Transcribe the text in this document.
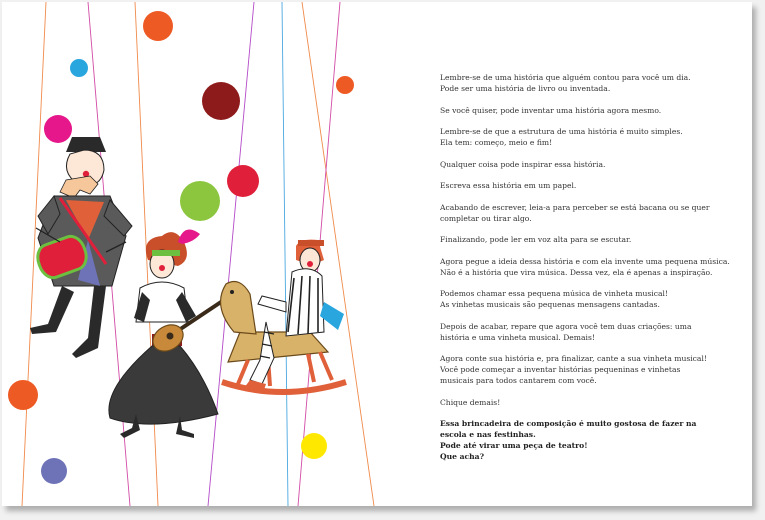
Lembre-se de uma história que alguém contou para você um dia.
Pode ser uma história de livro ou inventada.

Se você quiser, pode inventar uma história agora mesmo.

Lembre-se de que a estrutura de uma história é muito simples.
Ela tem: começo, meio e fim!

Qualquer coisa pode inspirar essa história.

Escreva essa história em um papel.

Acabando de escrever, leia-a para perceber se está bacana ou se quer
completar ou tirar algo.

Finalizando, pode ler em voz alta para se escutar.

Agora pegue a ideia dessa história e com ela invente uma pequena música.
Não é a história que vira música. Dessa vez, ela é apenas a inspiração.

Podemos chamar essa pequena música de vinheta musical!
As vinhetas musicais são pequenas mensagens cantadas.

Depois de acabar, repare que agora você tem duas criações: uma
história e uma vinheta musical. Demais!

Agora conte sua história e, pra finalizar, cante a sua vinheta musical!
Você pode começar a inventar histórias pequeninas e vinhetas
musicais para todos cantarem com você.

Chique demais!

Essa brincadeira de composição é muito gostosa de fazer na
escola e nas festinhas.
Pode até virar uma peça de teatro!
Que acha?
